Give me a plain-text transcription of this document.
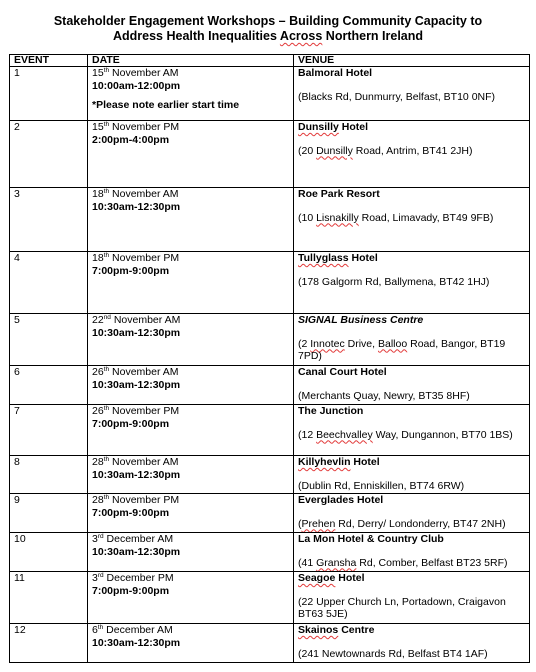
Stakeholder Engagement Workshops – Building Community Capacity to
Address Health Inequalities Across Northern Ireland
EVENT	DATE	VENUE
1	15th November AM
10:00am-12:00pm
*Please note earlier start time	Balmoral Hotel
(Blacks Rd, Dunmurry, Belfast, BT10 0NF)

2	15th November PM
2:00pm-4:00pm	Dunsilly Hotel
(20 Dunsilly Road, Antrim, BT41 2JH)

3	18th November AM
10:30am-12:30pm	Roe Park Resort
(10 Lisnakilly Road, Limavady, BT49 9FB)

4	18th November PM
7:00pm-9:00pm	Tullyglass Hotel
(178 Galgorm Rd, Ballymena, BT42 1HJ)

5	22nd November AM
10:30am-12:30pm	SIGNAL Business Centre
(2 Innotec Drive, Balloo Road, Bangor, BT19 7PD)

6	26th November AM
10:30am-12:30pm	Canal Court Hotel
(Merchants Quay, Newry, BT35 8HF)

7	26th November PM
7:00pm-9:00pm	The Junction
(12 Beechvalley Way, Dungannon, BT70 1BS)

8	28th November AM
10:30am-12:30pm	Killyhevlin Hotel
(Dublin Rd, Enniskillen, BT74 6RW)

9	28th November PM
7:00pm-9:00pm	Everglades Hotel
(Prehen Rd, Derry/ Londonderry, BT47 2NH)

10	3rd December AM
10:30am-12:30pm	La Mon Hotel & Country Club
(41 Gransha Rd, Comber, Belfast BT23 5RF)

11	3rd December PM
7:00pm-9:00pm	Seagoe Hotel
(22 Upper Church Ln, Portadown, Craigavon BT63 5JE)

12	6th December AM
10:30am-12:30pm	Skainos Centre
(241 Newtownards Rd, Belfast BT4 1AF)
